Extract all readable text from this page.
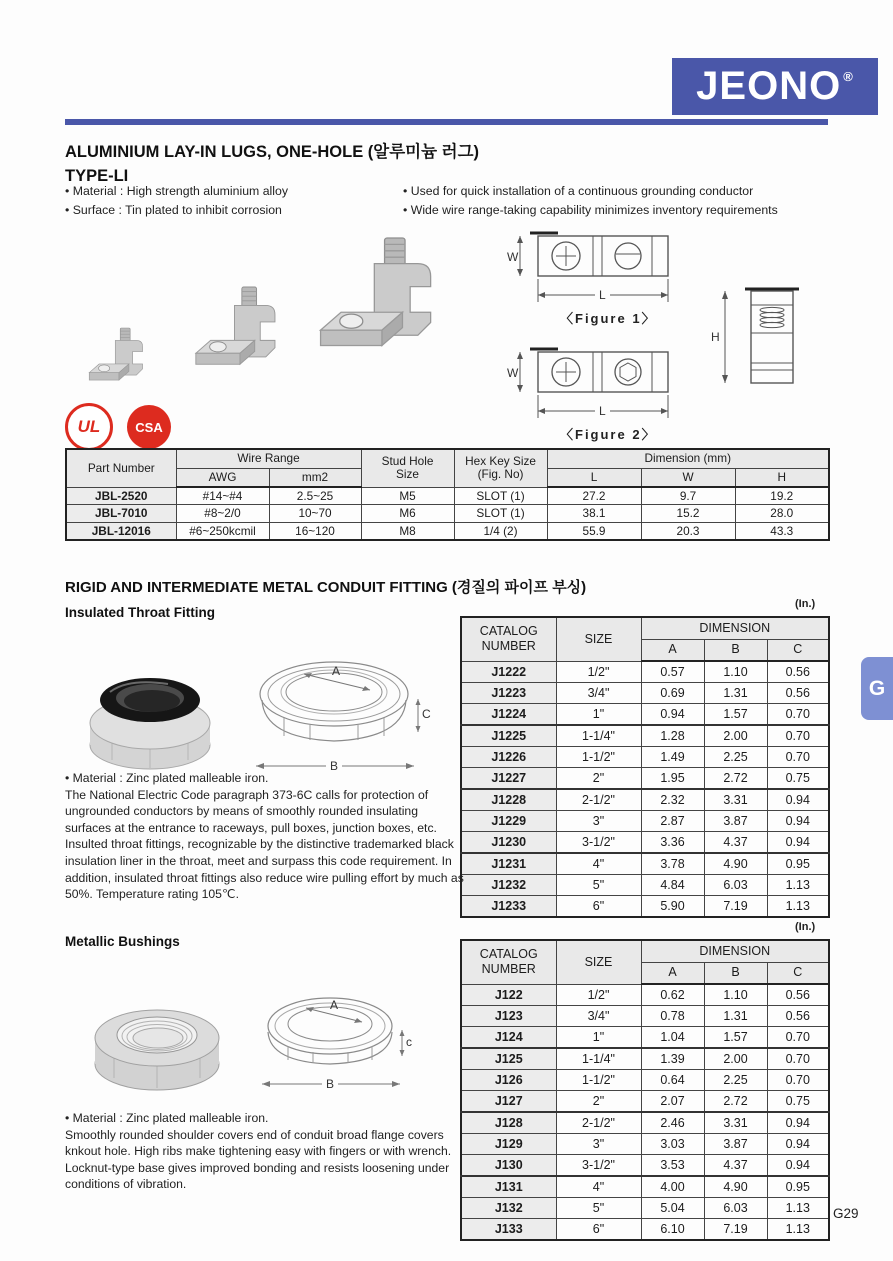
JEONO®
ALUMINIUM LAY-IN LUGS, ONE-HOLE (알루미늄 러그)
TYPE-LI
• Material : High strength aluminium alloy
• Surface : Tin plated to inhibit corrosion
• Used for quick installation of a continuous grounding conductor
• Wide wire range-taking capability minimizes inventory requirements
W
L
〈Figure 1〉
W
L
〈Figure 2〉
H
UL	CSA
Part Number	Wire Range		Stud Hole
Size	Hex Key Size
(Fig. No)	Dimension (mm)		
	AWG	mm2			L	W	H
JBL-2520	#14~#4	2.5~25	M5	SLOT (1)	27.2	9.7	19.2
JBL-7010	#8~2/0	10~70	M6	SLOT (1)	38.1	15.2	28.0
JBL-12016	#6~250kcmil	16~120	M8	1/4 (2)	55.9	20.3	43.3
RIGID AND INTERMEDIATE METAL CONDUIT FITTING (경질의 파이프 부싱)
Insulated Throat Fitting
(In.)
A
B
C
CATALOG
NUMBER	SIZE	DIMENSION		
		A	B	C
J1222	1/2"	0.57	1.10	0.56
J1223	3/4"	0.69	1.31	0.56
J1224	1"	0.94	1.57	0.70
J1225	1-1/4"	1.28	2.00	0.70
J1226	1-1/2"	1.49	2.25	0.70
J1227	2"	1.95	2.72	0.75
J1228	2-1/2"	2.32	3.31	0.94
J1229	3"	2.87	3.87	0.94
J1230	3-1/2"	3.36	4.37	0.94
J1231	4"	3.78	4.90	0.95
J1232	5"	4.84	6.03	1.13
J1233	6"	5.90	7.19	1.13
• Material : Zinc plated malleable iron.
The National Electric Code paragraph 373-6C calls for protection of ungrounded conductors by means of smoothly rounded insulating surfaces at the entrance to raceways, pull boxes, junction boxes, etc. Insulted throat fittings, recognizable by the distinctive trademarked black insulation liner in the throat, meet and surpass this code requirement. In addition, insulated throat fittings also reduce wire pulling effort by much as 50%. Temperature rating 105℃.
Metallic Bushings
(In.)
A
B
c
CATALOG
NUMBER	SIZE	DIMENSION		
		A	B	C
J122	1/2"	0.62	1.10	0.56
J123	3/4"	0.78	1.31	0.56
J124	1"	1.04	1.57	0.70
J125	1-1/4"	1.39	2.00	0.70
J126	1-1/2"	0.64	2.25	0.70
J127	2"	2.07	2.72	0.75
J128	2-1/2"	2.46	3.31	0.94
J129	3"	3.03	3.87	0.94
J130	3-1/2"	3.53	4.37	0.94
J131	4"	4.00	4.90	0.95
J132	5"	5.04	6.03	1.13
J133	6"	6.10	7.19	1.13
• Material : Zinc plated malleable iron.
Smoothly rounded shoulder covers end of conduit broad flange covers knkout hole. High ribs make tightening easy with fingers or with wrench. Locknut-type base gives improved bonding and resists loosening under conditions of vibration.
G
G29
